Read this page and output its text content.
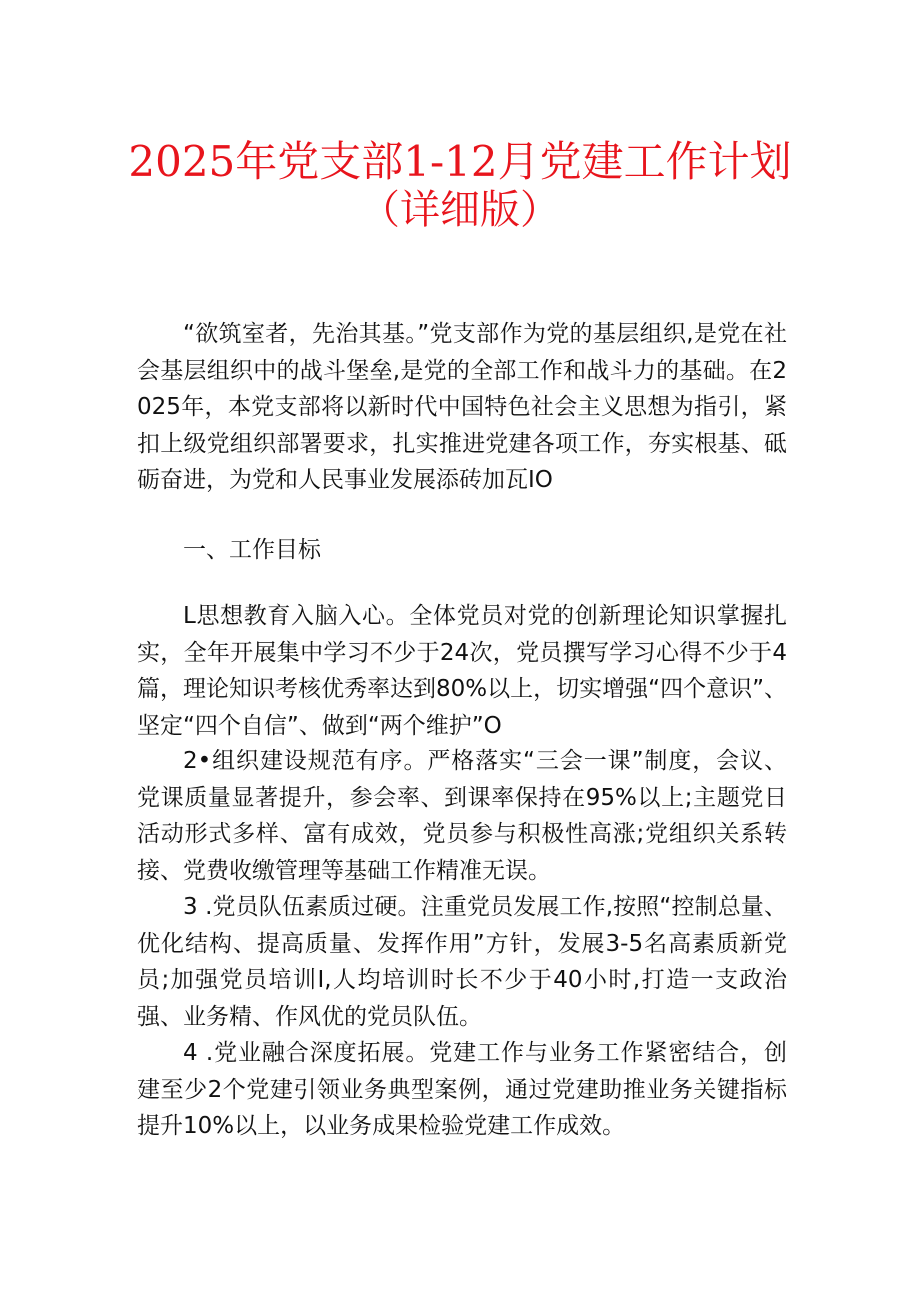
2025年党支部1-12月党建工作计划
（详细版）

“欲筑室者，先治其基。”党支部作为党的基层组织,是党在社会基层组织中的战斗堡垒,是党的全部工作和战斗力的基础。在2025年，本党支部将以新时代中国特色社会主义思想为指引，紧扣上级党组织部署要求，扎实推进党建各项工作，夯实根基、砥砺奋进，为党和人民事业发展添砖加瓦IO

一、工作目标

L思想教育入脑入心。全体党员对党的创新理论知识掌握扎实，全年开展集中学习不少于24次，党员撰写学习心得不少于4篇，理论知识考核优秀率达到80%以上，切实增强“四个意识”、坚定“四个自信”、做到“两个维护”O

2•组织建设规范有序。严格落实“三会一课”制度，会议、党课质量显著提升，参会率、到课率保持在95%以上;主题党日活动形式多样、富有成效，党员参与积极性高涨;党组织关系转接、党费收缴管理等基础工作精准无误。

3 .党员队伍素质过硬。注重党员发展工作,按照“控制总量、优化结构、提高质量、发挥作用”方针，发展3-5名高素质新党员;加强党员培训I,人均培训时长不少于40小时,打造一支政治强、业务精、作风优的党员队伍。

4 .党业融合深度拓展。党建工作与业务工作紧密结合，创建至少2个党建引领业务典型案例，通过党建助推业务关键指标提升10%以上，以业务成果检验党建工作成效。
